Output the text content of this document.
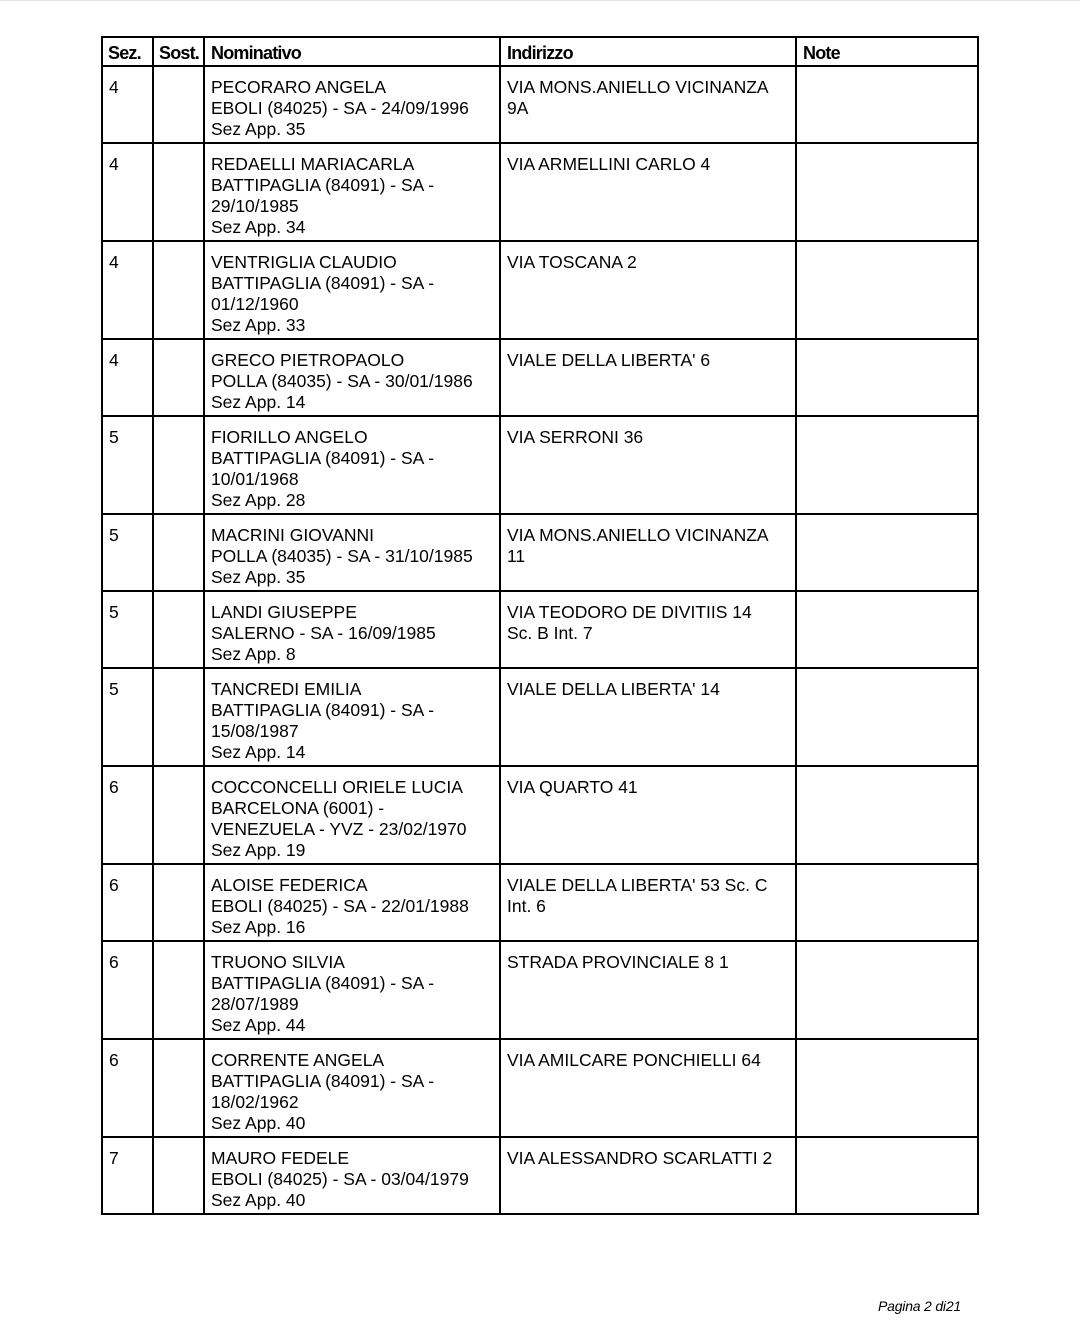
Sez.	Sost.	Nominativo	Indirizzo	Note
4		PECORARO ANGELA
EBOLI (84025) - SA - 24/09/1996
Sez App. 35	VIA MONS.ANIELLO VICINANZA
9A	

4		REDAELLI MARIACARLA
BATTIPAGLIA (84091) - SA -
29/10/1985
Sez App. 34	VIA ARMELLINI CARLO 4	

4		VENTRIGLIA CLAUDIO
BATTIPAGLIA (84091) - SA -
01/12/1960
Sez App. 33	VIA TOSCANA 2	

4		GRECO PIETROPAOLO
POLLA (84035) - SA - 30/01/1986
Sez App. 14	VIALE DELLA LIBERTA' 6	

5		FIORILLO ANGELO
BATTIPAGLIA (84091) - SA -
10/01/1968
Sez App. 28	VIA SERRONI 36	

5		MACRINI GIOVANNI
POLLA (84035) - SA - 31/10/1985
Sez App. 35	VIA MONS.ANIELLO VICINANZA
11	

5		LANDI GIUSEPPE
SALERNO - SA - 16/09/1985
Sez App. 8	VIA TEODORO DE DIVITIIS 14
Sc. B Int. 7	

5		TANCREDI EMILIA
BATTIPAGLIA (84091) - SA -
15/08/1987
Sez App. 14	VIALE DELLA LIBERTA' 14	

6		COCCONCELLI ORIELE LUCIA
BARCELONA (6001) -
VENEZUELA - YVZ - 23/02/1970
Sez App. 19	VIA QUARTO 41	

6		ALOISE FEDERICA
EBOLI (84025) - SA - 22/01/1988
Sez App. 16	VIALE DELLA LIBERTA' 53 Sc. C
Int. 6	

6		TRUONO SILVIA
BATTIPAGLIA (84091) - SA -
28/07/1989
Sez App. 44	STRADA PROVINCIALE 8 1	

6		CORRENTE ANGELA
BATTIPAGLIA (84091) - SA -
18/02/1962
Sez App. 40	VIA AMILCARE PONCHIELLI 64	

7		MAURO FEDELE
EBOLI (84025) - SA - 03/04/1979
Sez App. 40	VIA ALESSANDRO SCARLATTI 2	

Pagina 2 di21
